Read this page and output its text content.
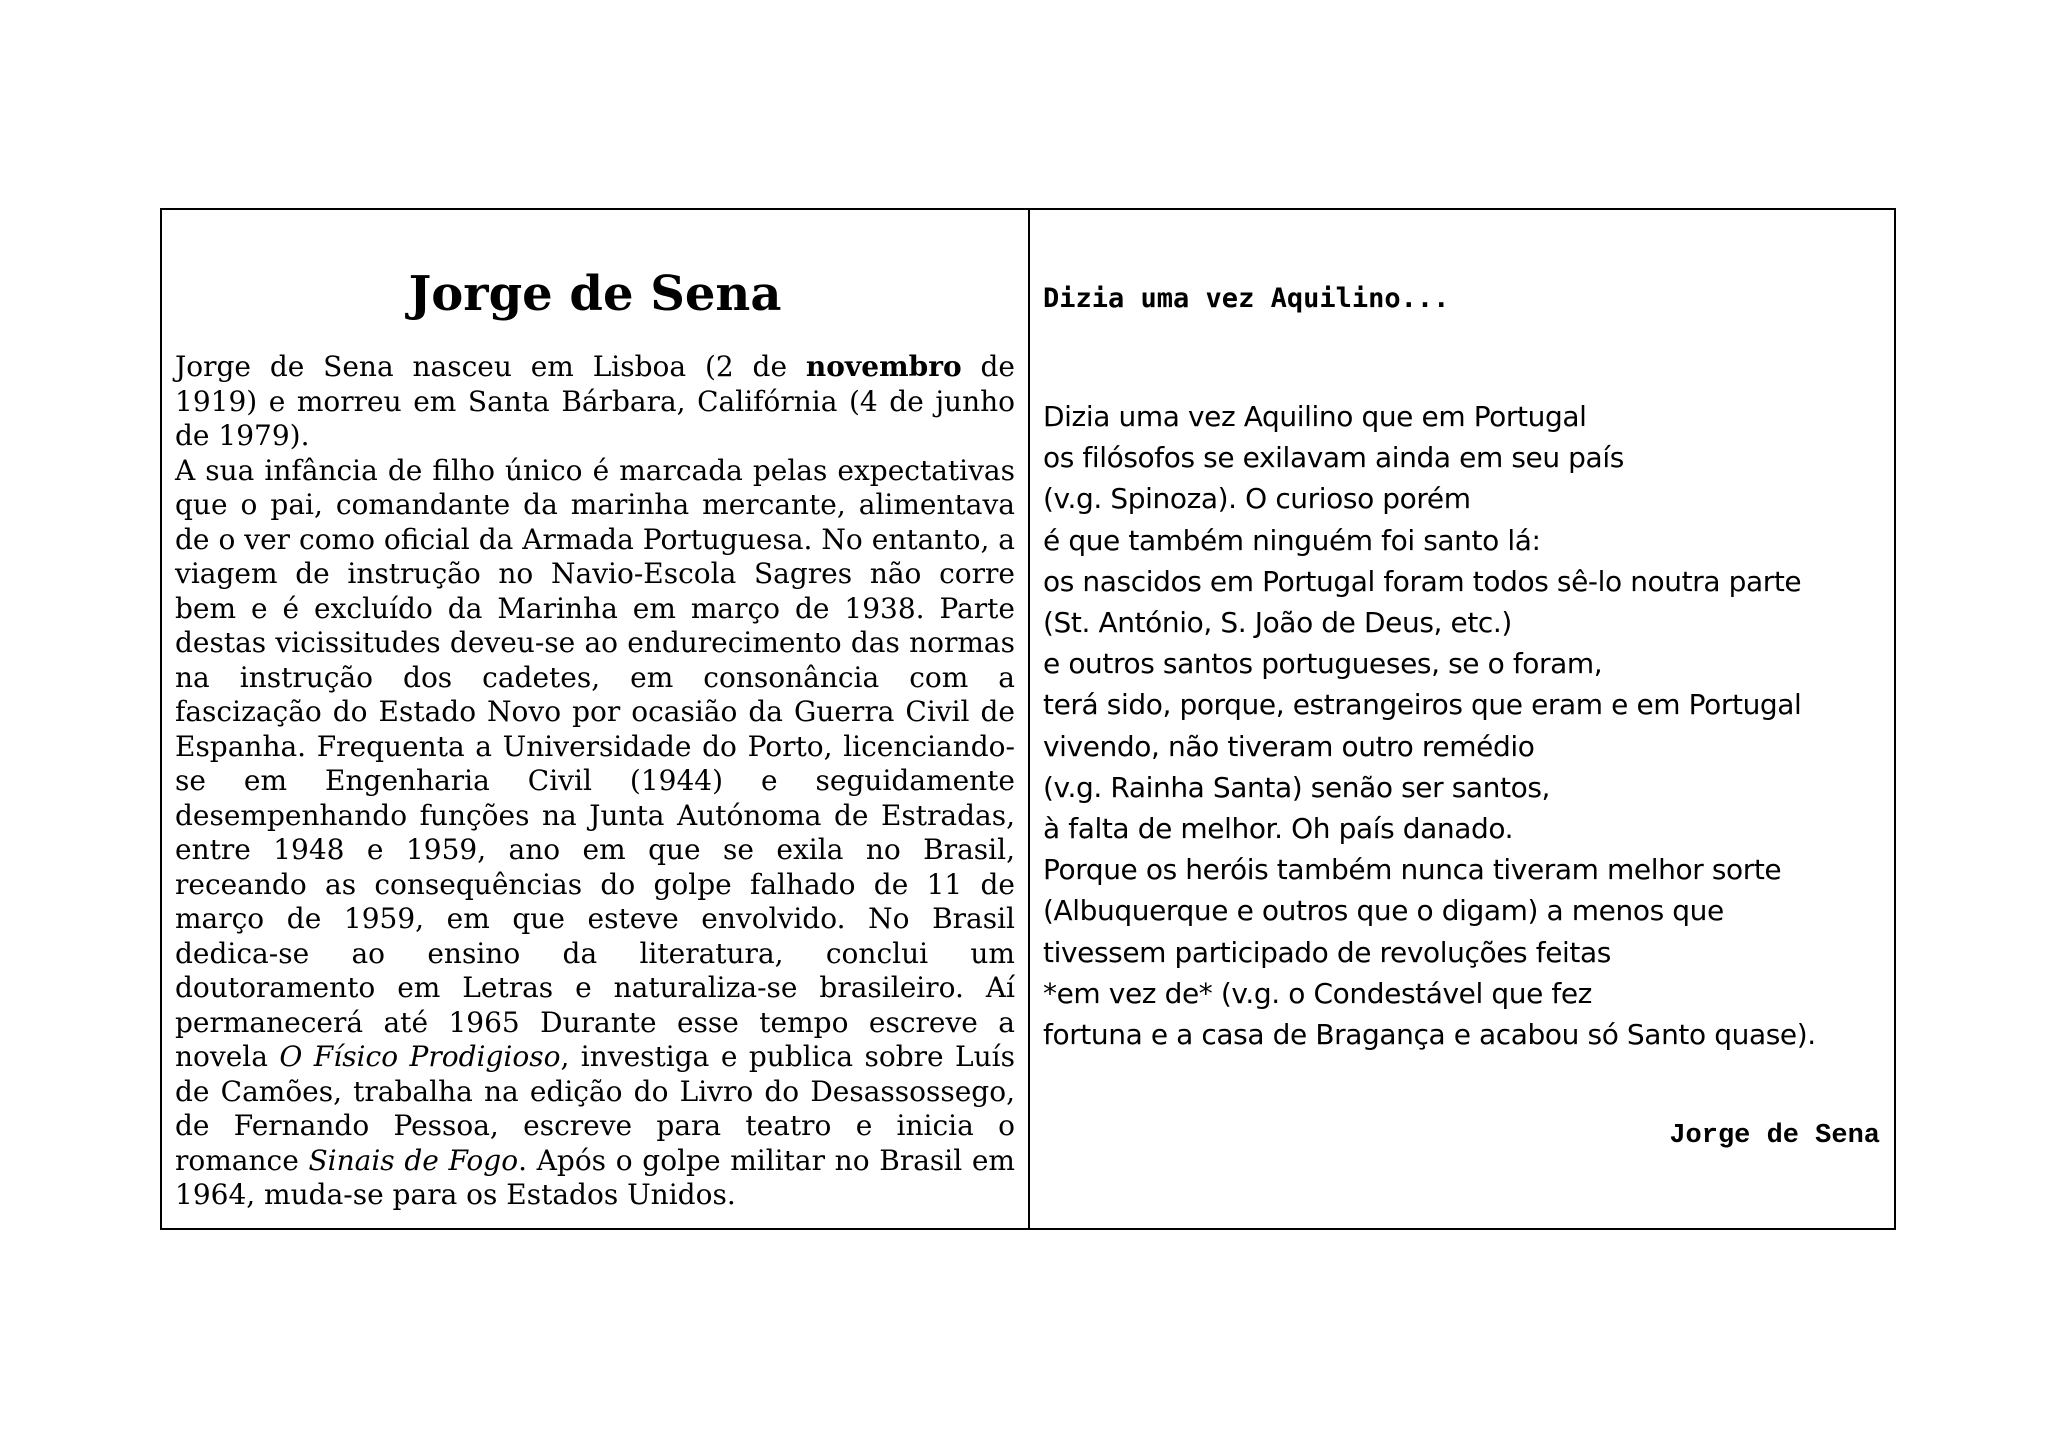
Jorge de Sena

Jorge de Sena nasceu em Lisboa (2 de novembro de 1919) e morreu em Santa Bárbara, Califórnia (4 de junho de 1979).

A sua infância de filho único é marcada pelas expectativas que o pai, comandante da marinha mercante, alimentava de o ver como oficial da Armada Portuguesa. No entanto, a viagem de instrução no Navio-Escola Sagres não corre bem e é excluído da Marinha em março de 1938. Parte destas vicissitudes deveu-se ao endurecimento das normas na instrução dos cadetes, em consonância com a fascização do Estado Novo por ocasião da Guerra Civil de Espanha. Frequenta a Universidade do Porto, licenciando-se em Engenharia Civil (1944) e seguidamente desempenhando funções na Junta Autónoma de Estradas, entre 1948 e 1959, ano em que se exila no Brasil, receando as consequências do golpe falhado de 11 de março de 1959, em que esteve envolvido. No Brasil dedica-se ao ensino da literatura, conclui um doutoramento em Letras e naturaliza-se brasileiro. Aí permanecerá até 1965 Durante esse tempo escreve a novela O Físico Prodigioso, investiga e publica sobre Luís de Camões, trabalha na edição do Livro do Desassossego, de Fernando Pessoa, escreve para teatro e inicia o romance Sinais de Fogo. Após o golpe militar no Brasil em 1964, muda-se para os Estados Unidos.

Dizia uma vez Aquilino...
Dizia uma vez Aquilino que em Portugal
os filósofos se exilavam ainda em seu país
(v.g. Spinoza). O curioso porém
é que também ninguém foi santo lá:
os nascidos em Portugal foram todos sê-lo noutra parte
(St. António, S. João de Deus, etc.)
e outros santos portugueses, se o foram,
terá sido, porque, estrangeiros que eram e em Portugal
vivendo, não tiveram outro remédio
(v.g. Rainha Santa) senão ser santos,
à falta de melhor. Oh país danado.
Porque os heróis também nunca tiveram melhor sorte
(Albuquerque e outros que o digam) a menos que
tivessem participado de revoluções feitas
*em vez de* (v.g. o Condestável que fez
fortuna e a casa de Bragança e acabou só Santo quase).
Jorge de Sena
